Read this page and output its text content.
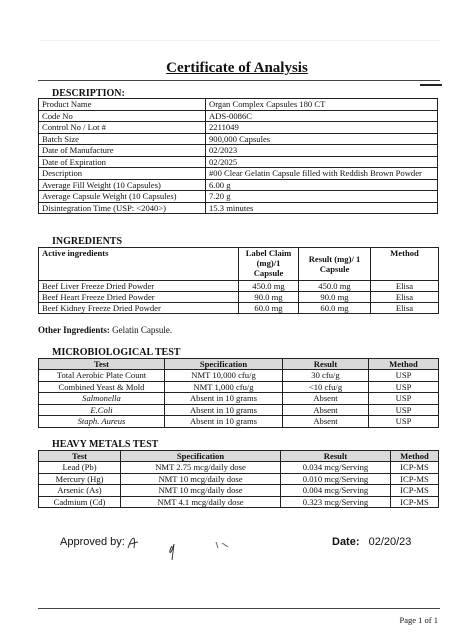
Certificate of Analysis
DESCRIPTION:
Product Name	Organ Complex Capsules 180 CT
Code No	ADS-0086C
Control No / Lot #	2211049
Batch Size	900,000 Capsules
Date of Manufacture	02/2023
Date of Expiration	02/2025
Description	#00 Clear Gelatin Capsule filled with Reddish Brown Powder
Average Fill Weight (10 Capsules)	6.00 g
Average Capsule Weight (10 Capsules)	7.20 g
Disintegration Time (USP: <2040>)	15.3 minutes
INGREDIENTS
Active ingredients	Label Claim (mg)/1 Capsule	Result (mg)/ 1 Capsule	Method
Beef Liver Freeze Dried Powder	450.0 mg	450.0 mg	Elisa
Beef Heart Freeze Dried Powder	90.0 mg	90.0 mg	Elisa
Beef Kidney Freeze Dried Powder	60.0 mg	60.0 mg	Elisa
Other Ingredients: Gelatin Capsule.
MICROBIOLOGICAL TEST
Test	Specification	Result	Method
Total Aerobic Plate Count	NMT 10,000 cfu/g	30 cfu/g	USP
Combined Yeast & Mold	NMT 1,000 cfu/g	<10 cfu/g	USP
Salmonella	Absent in 10 grams	Absent	USP
E.Coli	Absent in 10 grams	Absent	USP
Staph. Aureus	Absent in 10 grams	Absent	USP
HEAVY METALS TEST
Test	Specification	Result	Method
Lead (Pb)	NMT 2.75 mcg/daily dose	0.034 mcg/Serving	ICP-MS
Mercury (Hg)	NMT 10 mcg/daily dose	0.010 mcg/Serving	ICP-MS
Arsenic (As)	NMT 10 mcg/daily dose	0.004 mcg/Serving	ICP-MS
Cadmium (Cd)	NMT 4.1 mcg/daily dose	0.323 mcg/Serving	ICP-MS
Approved by:	Date: 02/20/23
Page 1 of 1
